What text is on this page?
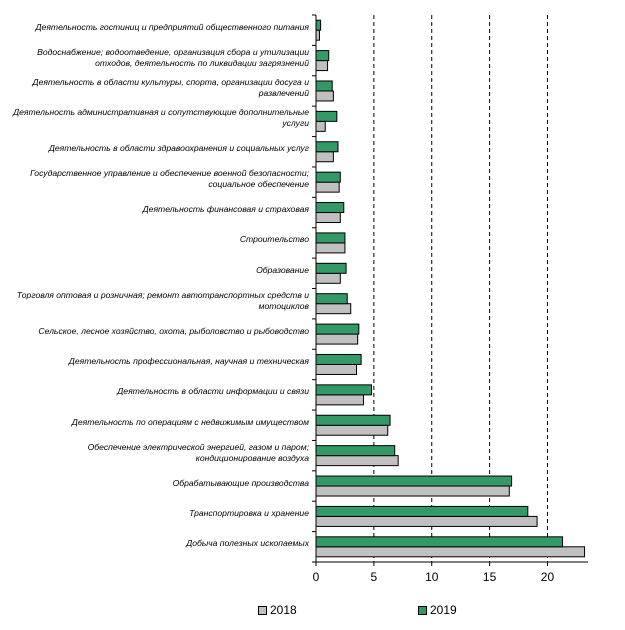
0	5	10	15	20
Деятельность гостиниц и предприятий общественного питания
Водоснабжение; водоотведение, организация сбора и утилизации отходов, деятельность по ликвидации загрязнений
Деятельность в области культуры, спорта, организации досуга и развлечений
Деятельность административная и сопутствующие дополнительные услуги
Деятельность в области здравоохранения и социальных услуг
Государственное управление и обеспечение военной безопасности; социальное обеспечение
Деятельность финансовая и страховая
Строительство
Образование
Торговля оптовая и розничная; ремонт автотранспортных средств и мотоциклов
Сельское, лесное хозяйство, охота, рыболовство и рыбоводство
Деятельность профессиональная, научная и техническая
Деятельность в области информации и связи
Деятельность по операциям с недвижимым имуществом
Обеспечение электрической энергией, газом и паром; кондиционирование воздуха
Обрабатывающие производства
Транспортировка и хранение
Добыча полезных ископаемых
2018	2019
